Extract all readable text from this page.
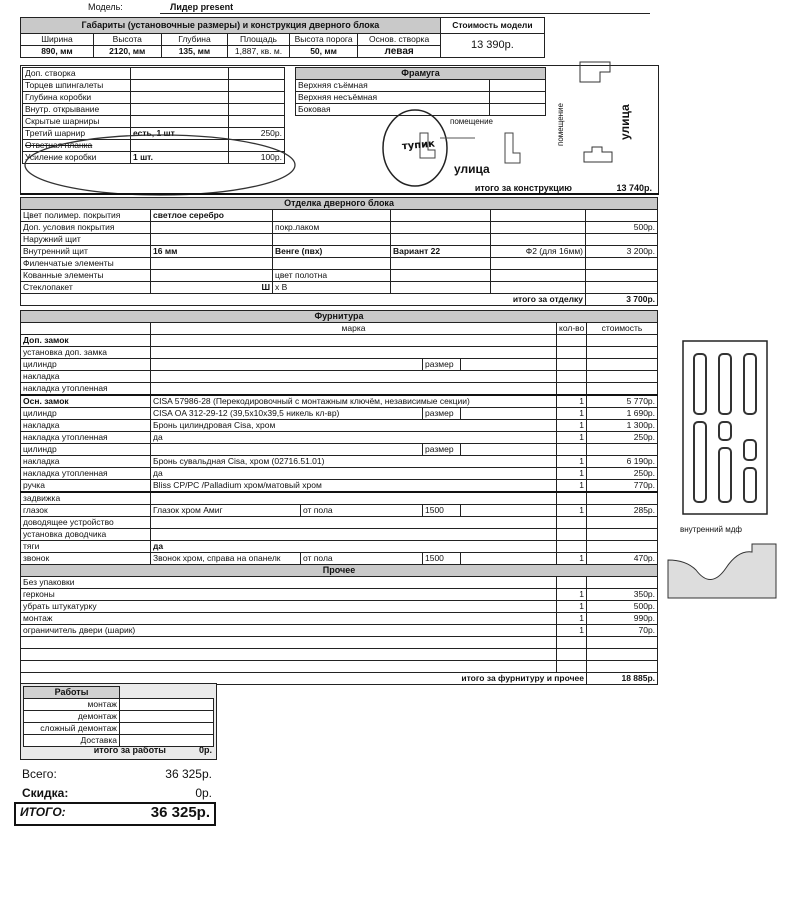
Модель:	Лидер present
Габариты (установочные размеры) и конструкция дверного блока						Стоимость модели
Ширина	Высота	Глубина	Площадь	Высота порога	Основ. створка	13 390р.
890, мм	2120, мм	135, мм	1,887, кв. м.	50, мм	левая	
Доп. створка		
Торцев шпингалеты		
Глубина коробки		
Внутр. открывание		
Скрытые шарниры		
Третий шарнир	есть, 1 шт	250р.
Ответная планка		
Усиление коробки	1 шт.	100р.
Фрамуга	
Верхняя съёмная	
Верхняя несъёмная	
Боковая	
помещение
тупик
улица
помещение	улица
итого за конструкцию	13 740р.
Отделка дверного блока					
Цвет полимер. покрытия	светлое серебро				
Доп. условия покрытия		покр.лаком			500р.
Наружний щит					
Внутренний щит	16 мм	Венге (пвх)	Вариант 22	Ф2 (для 16мм)	3 200р.
Филенчатые элементы					
Кованные элементы		цвет полотна			
Стеклопакет	Ш	х В			
итого за отделку					3 700р.
Фурнитура						
	марка				кол-во	стоимость
Доп. замок						
установка доп. замка						
цилиндр			размер			
накладка						
накладка утопленная						
Осн. замок	CISA 57986-28 (Перекодировочный с монтажным ключём, независимые секции)				1	5 770р.
цилиндр	CISA OA 312-29-12 (39,5х10х39,5 никель кл-вр)		размер		1	1 690р.
накладка	Бронь цилиндровая Cisa, хром				1	1 300р.
накладка утопленная	да				1	250р.
цилиндр			размер			
накладка	Бронь сувальдная Cisa, хром (02716.51.01)				1	6 190р.
накладка утопленная	да				1	250р.
ручка	Bliss CP/PC /Palladium хром/матовый хром				1	770р.
задвижка						
глазок	Глазок хром Амиг	от пола	1500		1	285р.
доводящее устройство						
установка доводчика						
тяги	да					
звонок	Звонок хром, справа на опанелк	от пола	1500		1	470р.
Прочее						
Без упаковки						
герконы					1	350р.
убрать штукатурку					1	500р.
монтаж					1	990р.
ограничитель двери (шарик)					1	70р.

итого за фурнитуру и прочее						18 885р.
внутренний мдф
Работы	
монтаж	
демонтаж	
сложный демонтаж	
Доставка	
итого за работы	0р.
Всего:	36 325р.
Скидка:	0р.
ИТОГО:	36 325р.
